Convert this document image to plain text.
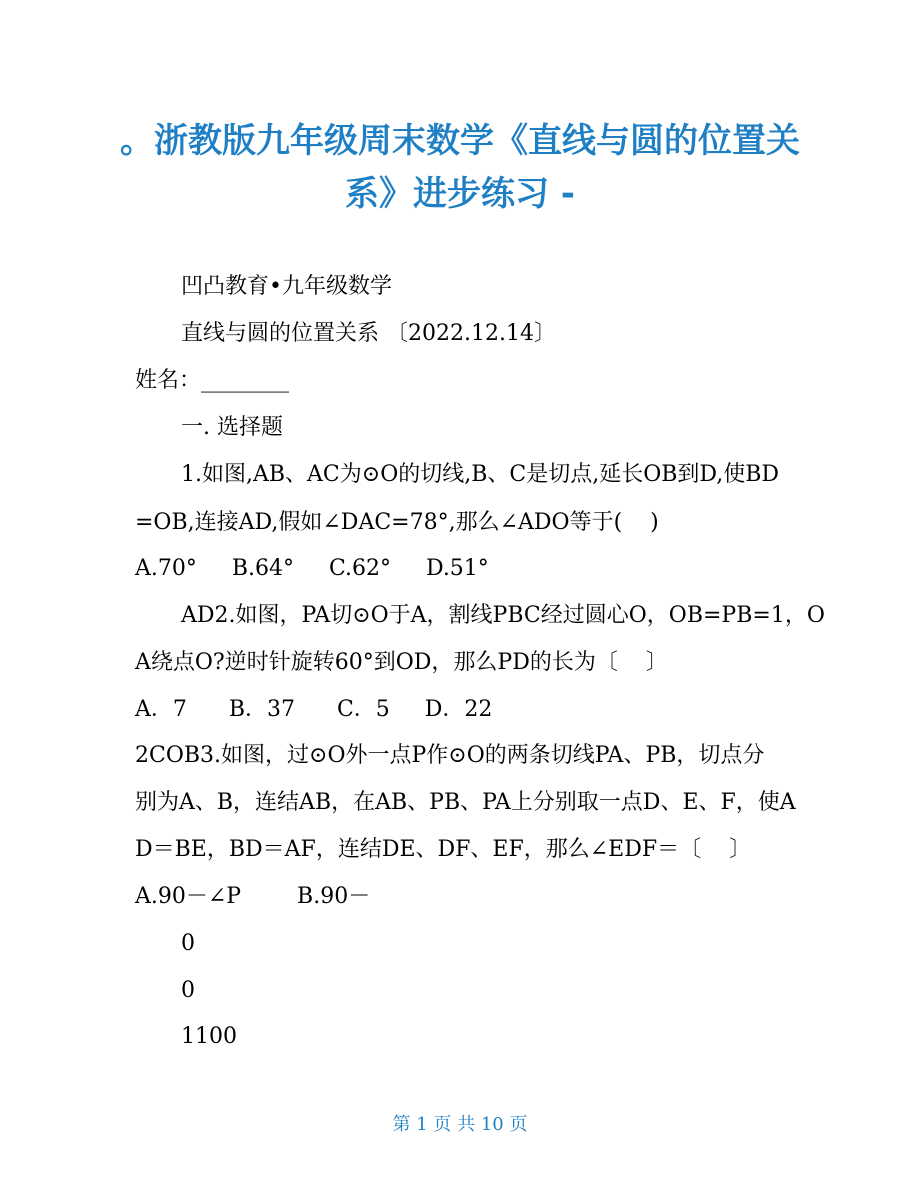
。浙教版九年级周末数学《直线与圆的位置关
系》进步练习 -
凹凸教育•九年级数学
直线与圆的位置关系 〔2022.12.14〕
姓名：________
一. 选择题
1.如图,AB、AC为⊙O的切线,B、C是切点,延长OB到D,使BD
=OB,连接AD,假如∠DAC=78°,那么∠ADO等于(    )
A.70°     B.64°     C.62°     D.51°
AD2.如图，PA切⊙O于A，割线PBC经过圆心O，OB=PB=1，O
A绕点O?逆时针旋转60°到OD，那么PD的长为〔    〕
A．7      B．37      C．5     D．22
2COB3.如图，过⊙O外一点P作⊙O的两条切线PA、PB，切点分
别为A、B，连结AB，在AB、PB、PA上分别取一点D、E、F，使A
D＝BE，BD＝AF，连结DE、DF、EF，那么∠EDF＝〔    〕
A.90－∠P        B.90－
0
0
1100
第 1 页 共 10 页
